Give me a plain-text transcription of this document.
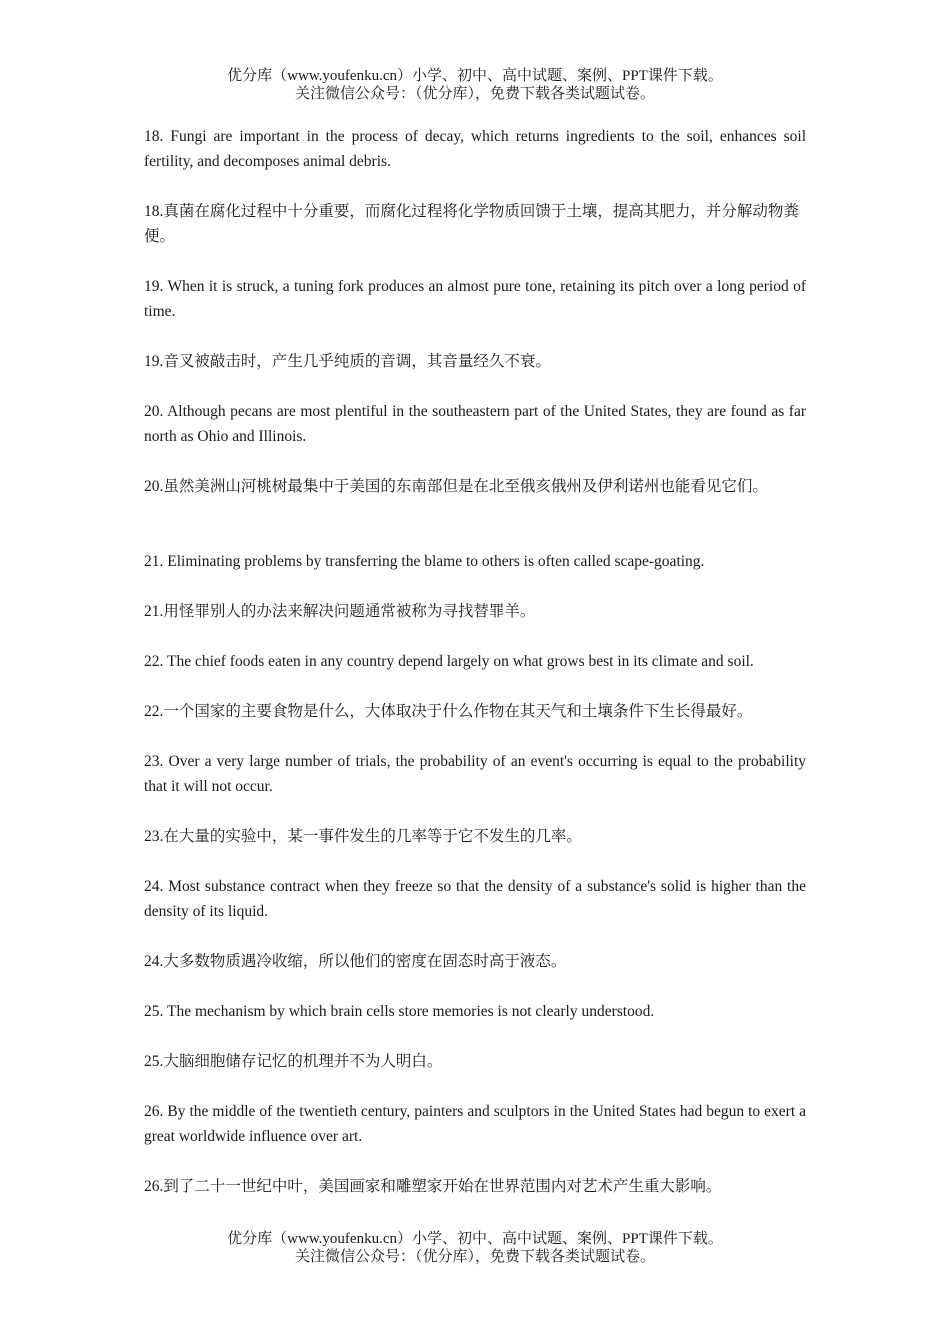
优分库（www.youfenku.cn）小学、初中、高中试题、案例、PPT课件下载。
关注微信公众号：（优分库），免费下载各类试题试卷。

18. Fungi are important in the process of decay, which returns ingredients to the soil, enhances soil fertility, and decomposes animal debris.

18.真菌在腐化过程中十分重要，而腐化过程将化学物质回馈于土壤，提高其肥力，并分解动物粪便。

19. When it is struck, a tuning fork produces an almost pure tone, retaining its pitch over a long period of time.

19.音叉被敲击时，产生几乎纯质的音调，其音量经久不衰。

20. Although pecans are most plentiful in the southeastern part of the United States, they are found as far north as Ohio and Illinois.

20.虽然美洲山河桃树最集中于美国的东南部但是在北至俄亥俄州及伊利诺州也能看见它们。

21. Eliminating problems by transferring the blame to others is often called scape-goating.

21.用怪罪别人的办法来解决问题通常被称为寻找替罪羊。

22. The chief foods eaten in any country depend largely on what grows best in its climate and soil.

22.一个国家的主要食物是什么，大体取决于什么作物在其天气和土壤条件下生长得最好。

23. Over a very large number of trials, the probability of an event's occurring is equal to the probability that it will not occur.

23.在大量的实验中，某一事件发生的几率等于它不发生的几率。

24. Most substance contract when they freeze so that the density of a substance's solid is higher than the density of its liquid.

24.大多数物质遇冷收缩，所以他们的密度在固态时高于液态。

25. The mechanism by which brain cells store memories is not clearly understood.

25.大脑细胞储存记忆的机理并不为人明白。

26. By the middle of the twentieth century, painters and sculptors in the United States had begun to exert a great worldwide influence over art.

26.到了二十一世纪中叶，美国画家和雕塑家开始在世界范围内对艺术产生重大影响。

优分库（www.youfenku.cn）小学、初中、高中试题、案例、PPT课件下载。
关注微信公众号：（优分库），免费下载各类试题试卷。
